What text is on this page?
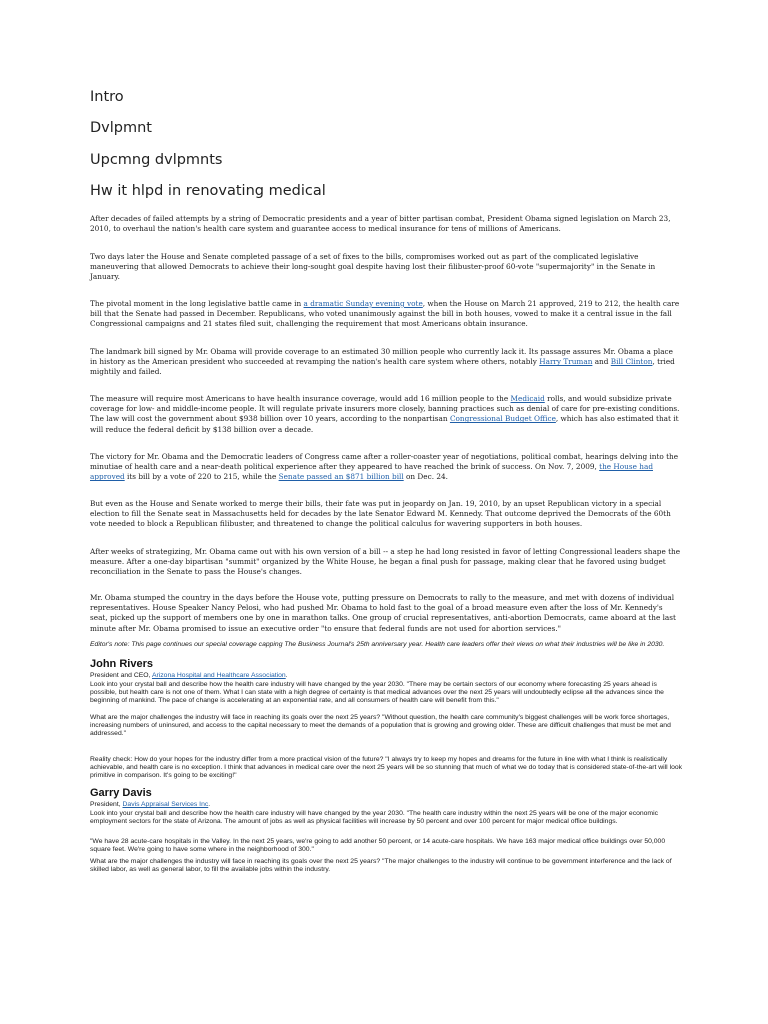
Intro
Dvlpmnt
Upcmng dvlpmnts
Hw it hlpd in renovating medical

After decades of failed attempts by a string of Democratic presidents and a year of bitter partisan combat, President Obama signed legislation on March 23, 2010, to overhaul the nation's health care system and guarantee access to medical insurance for tens of millions of Americans.

Two days later the House and Senate completed passage of a set of fixes to the bills, compromises worked out as part of the complicated legislative maneuvering that allowed Democrats to achieve their long-sought goal despite having lost their filibuster-proof 60-vote "supermajority" in the Senate in January.

The pivotal moment in the long legislative battle came in a dramatic Sunday evening vote, when the House on March 21 approved, 219 to 212, the health care bill that the Senate had passed in December. Republicans, who voted unanimously against the bill in both houses, vowed to make it a central issue in the fall Congressional campaigns and 21 states filed suit, challenging the requirement that most Americans obtain insurance.

The landmark bill signed by Mr. Obama will provide coverage to an estimated 30 million people who currently lack it. Its passage assures Mr. Obama a place in history as the American president who succeeded at revamping the nation's health care system where others, notably Harry Truman and Bill Clinton, tried mightily and failed.

The measure will require most Americans to have health insurance coverage, would add 16 million people to the Medicaid rolls, and would subsidize private coverage for low- and middle-income people. It will regulate private insurers more closely, banning practices such as denial of care for pre-existing conditions. The law will cost the government about $938 billion over 10 years, according to the nonpartisan Congressional Budget Office, which has also estimated that it will reduce the federal deficit by $138 billion over a decade.

The victory for Mr. Obama and the Democratic leaders of Congress came after a roller-coaster year of negotiations, political combat, hearings delving into the minutiae of health care and a near-death political experience after they appeared to have reached the brink of success. On Nov. 7, 2009, the House had approved its bill by a vote of 220 to 215, while the Senate passed an $871 billion bill on Dec. 24.

But even as the House and Senate worked to merge their bills, their fate was put in jeopardy on Jan. 19, 2010, by an upset Republican victory in a special election to fill the Senate seat in Massachusetts held for decades by the late Senator Edward M. Kennedy. That outcome deprived the Democrats of the 60th vote needed to block a Republican filibuster, and threatened to change the political calculus for wavering supporters in both houses.

After weeks of strategizing, Mr. Obama came out with his own version of a bill -- a step he had long resisted in favor of letting Congressional leaders shape the measure. After a one-day bipartisan "summit" organized by the White House, he began a final push for passage, making clear that he favored using budget reconciliation in the Senate to pass the House's changes.

Mr. Obama stumped the country in the days before the House vote, putting pressure on Democrats to rally to the measure, and met with dozens of individual representatives. House Speaker Nancy Pelosi, who had pushed Mr. Obama to hold fast to the goal of a broad measure even after the loss of Mr. Kennedy's seat, picked up the support of members one by one in marathon talks. One group of crucial representatives, anti-abortion Democrats, came aboard at the last minute after Mr. Obama promised to issue an executive order "to ensure that federal funds are not used for abortion services."

Editor's note: This page continues our special coverage capping The Business Journal's 25th anniversary year. Health care leaders offer their views on what their industries will be like in 2030.

John Rivers

President and CEO, Arizona Hospital and Healthcare Association.

Look into your crystal ball and describe how the health care industry will have changed by the year 2030. "There may be certain sectors of our economy where forecasting 25 years ahead is possible, but health care is not one of them. What I can state with a high degree of certainty is that medical advances over the next 25 years will undoubtedly eclipse all the advances since the beginning of mankind. The pace of change is accelerating at an exponential rate, and all consumers of health care will benefit from this."

What are the major challenges the industry will face in reaching its goals over the next 25 years? "Without question, the health care community's biggest challenges will be work force shortages, increasing numbers of uninsured, and access to the capital necessary to meet the demands of a population that is growing and growing older. These are difficult challenges that must be met and addressed."

Reality check: How do your hopes for the industry differ from a more practical vision of the future? "I always try to keep my hopes and dreams for the future in line with what I think is realistically achievable, and health care is no exception. I think that advances in medical care over the next 25 years will be so stunning that much of what we do today that is considered state-of-the-art will look primitive in comparison. It's going to be exciting!"

Garry Davis

President, Davis Appraisal Services Inc.

Look into your crystal ball and describe how the health care industry will have changed by the year 2030. "The health care industry within the next 25 years will be one of the major economic employment sectors for the state of Arizona. The amount of jobs as well as physical facilities will increase by 50 percent and over 100 percent for major medical office buildings.

"We have 28 acute-care hospitals in the Valley. In the next 25 years, we're going to add another 50 percent, or 14 acute-care hospitals. We have 163 major medical office buildings over 50,000 square feet. We're going to have some where in the neighborhood of 300."

What are the major challenges the industry will face in reaching its goals over the next 25 years? "The major challenges to the industry will continue to be government interference and the lack of skilled labor, as well as general labor, to fill the available jobs within the industry.
